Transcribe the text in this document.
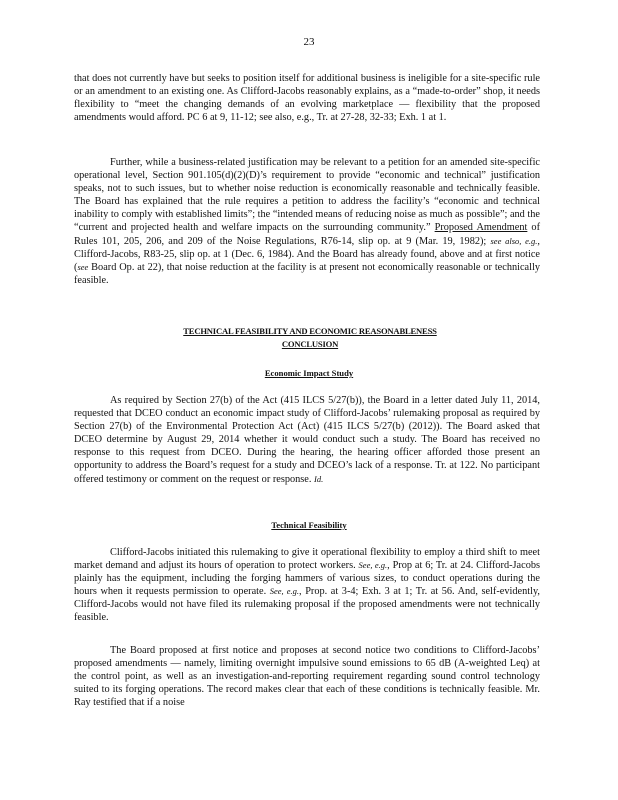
23

that does not currently have but seeks to position itself for additional business is ineligible for a site-specific rule or an amendment to an existing one. As Clifford-Jacobs reasonably explains, as a “made-to-order” shop, it needs flexibility to “meet the changing demands of an evolving marketplace — flexibility that the proposed amendments would afford. PC 6 at 9, 11-12; see also, e.g., Tr. at 27-28, 32-33; Exh. 1 at 1.

Further, while a business-related justification may be relevant to a petition for an amended site-specific operational level, Section 901.105(d)(2)(D)’s requirement to provide “economic and technical” justification speaks, not to such issues, but to whether noise reduction is economically reasonable and technically feasible. The Board has explained that the rule requires a petition to address the facility’s “economic and technical inability to comply with established limits”; the “intended means of reducing noise as much as possible”; and the “current and projected health and welfare impacts on the surrounding community.” Proposed Amendment of Rules 101, 205, 206, and 209 of the Noise Regulations, R76-14, slip op. at 9 (Mar. 19, 1982); see also, e.g., Clifford-Jacobs, R83-25, slip op. at 1 (Dec. 6, 1984). And the Board has already found, above and at first notice (see Board Op. at 22), that noise reduction at the facility is at present not economically reasonable or technically feasible.

TECHNICAL FEASIBILITY AND ECONOMIC REASONABLENESS
CONCLUSION
Economic Impact Study

As required by Section 27(b) of the Act (415 ILCS 5/27(b)), the Board in a letter dated July 11, 2014, requested that DCEO conduct an economic impact study of Clifford-Jacobs’ rulemaking proposal as required by Section 27(b) of the Environmental Protection Act (Act) (415 ILCS 5/27(b) (2012)). The Board asked that DCEO determine by August 29, 2014 whether it would conduct such a study. The Board has received no response to this request from DCEO. During the hearing, the hearing officer afforded those present an opportunity to address the Board’s request for a study and DCEO’s lack of a response. Tr. at 122. No participant offered testimony or comment on the request or response. Id.

Technical Feasibility

Clifford-Jacobs initiated this rulemaking to give it operational flexibility to employ a third shift to meet market demand and adjust its hours of operation to protect workers. See, e.g., Prop at 6; Tr. at 24. Clifford-Jacobs plainly has the equipment, including the forging hammers of various sizes, to conduct operations during the hours when it requests permission to operate. See, e.g., Prop. at 3-4; Exh. 3 at 1; Tr. at 56. And, self-evidently, Clifford-Jacobs would not have filed its rulemaking proposal if the proposed amendments were not technically feasible.

The Board proposed at first notice and proposes at second notice two conditions to Clifford-Jacobs’ proposed amendments — namely, limiting overnight impulsive sound emissions to 65 dB (A-weighted Leq) at the control point, as well as an investigation-and-reporting requirement regarding sound control technology suited to its forging operations. The record makes clear that each of these conditions is technically feasible. Mr. Ray testified that if a noise
